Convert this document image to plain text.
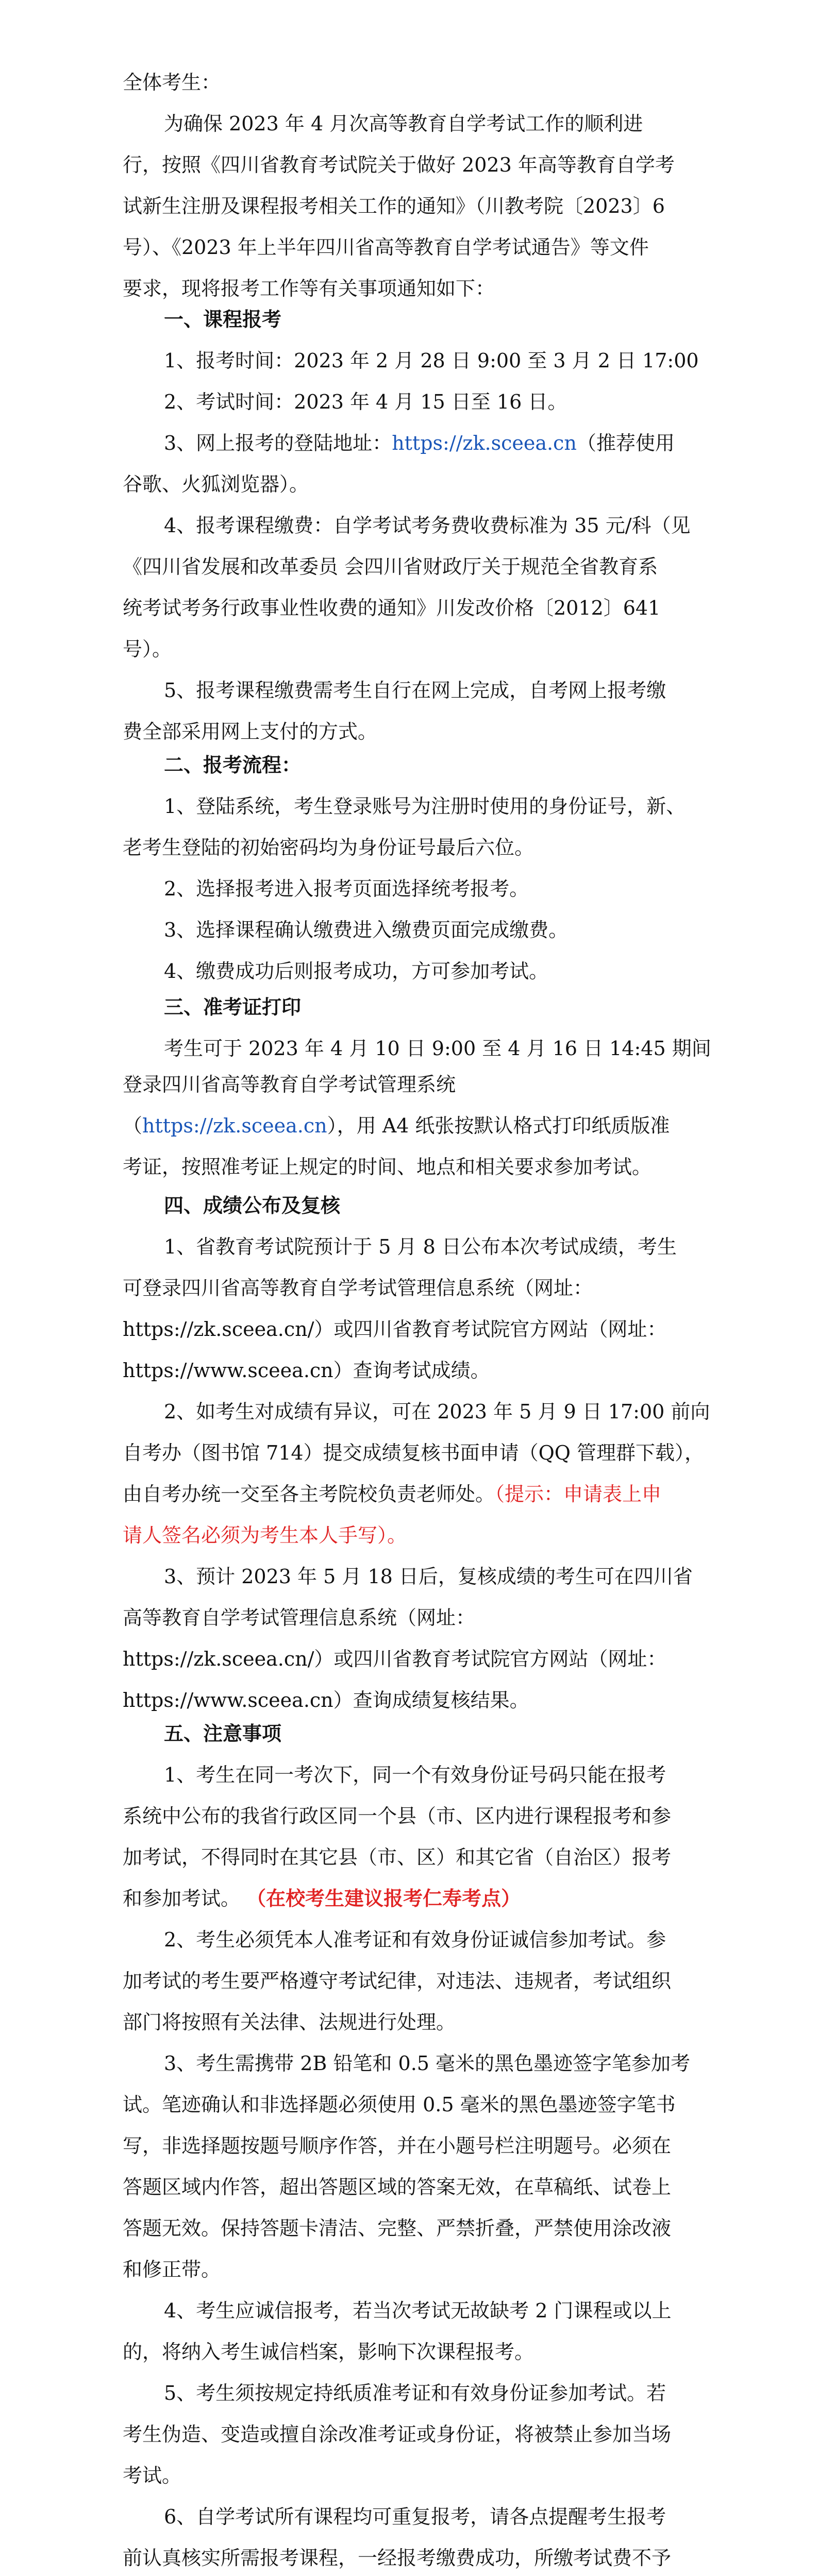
全体考生：

为确保 2023 年 4 月次高等教育自学考试工作的顺利进

行，按照《四川省教育考试院关于做好 2023 年高等教育自学考

试新生注册及课程报考相关工作的通知》（川教考院〔2023〕6

号）、《2023 年上半年四川省高等教育自学考试通告》等文件

要求，现将报考工作等有关事项通知如下：

一、课程报考

1、报考时间：2023 年 2 月 28 日 9:00 至 3 月 2 日 17:00

2、考试时间：2023 年 4 月 15 日至 16 日。

3、网上报考的登陆地址：https://zk.sceea.cn（推荐使用

谷歌、火狐浏览器）。

4、报考课程缴费：自学考试考务费收费标准为 35 元/科（见

《四川省发展和改革委员 会四川省财政厅关于规范全省教育系

统考试考务行政事业性收费的通知》川发改价格〔2012〕641

号）。

5、报考课程缴费需考生自行在网上完成，自考网上报考缴

费全部采用网上支付的方式。

二、报考流程：

1、登陆系统，考生登录账号为注册时使用的身份证号，新、

老考生登陆的初始密码均为身份证号最后六位。

2、选择报考进入报考页面选择统考报考。

3、选择课程确认缴费进入缴费页面完成缴费。

4、缴费成功后则报考成功，方可参加考试。

三、准考证打印

考生可于 2023 年 4 月 10 日 9:00 至 4 月 16 日 14:45 期间

登录四川省高等教育自学考试管理系统

（https://zk.sceea.cn），用 A4 纸张按默认格式打印纸质版准

考证，按照准考证上规定的时间、地点和相关要求参加考试。

四、成绩公布及复核

1、省教育考试院预计于 5 月 8 日公布本次考试成绩，考生

可登录四川省高等教育自学考试管理信息系统（网址：

https://zk.sceea.cn/）或四川省教育考试院官方网站（网址：

https://www.sceea.cn）查询考试成绩。

2、如考生对成绩有异议，可在 2023 年 5 月 9 日 17:00 前向

自考办（图书馆 714）提交成绩复核书面申请（QQ 管理群下载），

由自考办统一交至各主考院校负责老师处。（提示：申请表上申

请人签名必须为考生本人手写）。

3、预计 2023 年 5 月 18 日后，复核成绩的考生可在四川省

高等教育自学考试管理信息系统（网址：

https://zk.sceea.cn/）或四川省教育考试院官方网站（网址：

https://www.sceea.cn）查询成绩复核结果。

五、注意事项

1、考生在同一考次下，同一个有效身份证号码只能在报考

系统中公布的我省行政区同一个县（市、区内进行课程报考和参

加考试，不得同时在其它县（市、区）和其它省（自治区）报考

和参加考试。 （在校考生建议报考仁寿考点）

2、考生必须凭本人准考证和有效身份证诚信参加考试。参

加考试的考生要严格遵守考试纪律，对违法、违规者，考试组织

部门将按照有关法律、法规进行处理。

3、考生需携带 2B 铅笔和 0.5 毫米的黑色墨迹签字笔参加考

试。笔迹确认和非选择题必须使用 0.5 毫米的黑色墨迹签字笔书

写，非选择题按题号顺序作答，并在小题号栏注明题号。必须在

答题区域内作答，超出答题区域的答案无效，在草稿纸、试卷上

答题无效。保持答题卡清洁、完整、严禁折叠，严禁使用涂改液

和修正带。

4、考生应诚信报考，若当次考试无故缺考 2 门课程或以上

的，将纳入考生诚信档案，影响下次课程报考。

5、考生须按规定持纸质准考证和有效身份证参加考试。若

考生伪造、变造或擅自涂改准考证或身份证，将被禁止参加当场

考试。

6、自学考试所有课程均可重复报考，请各点提醒考生报考

前认真核实所需报考课程，一经报考缴费成功，所缴考试费不予
